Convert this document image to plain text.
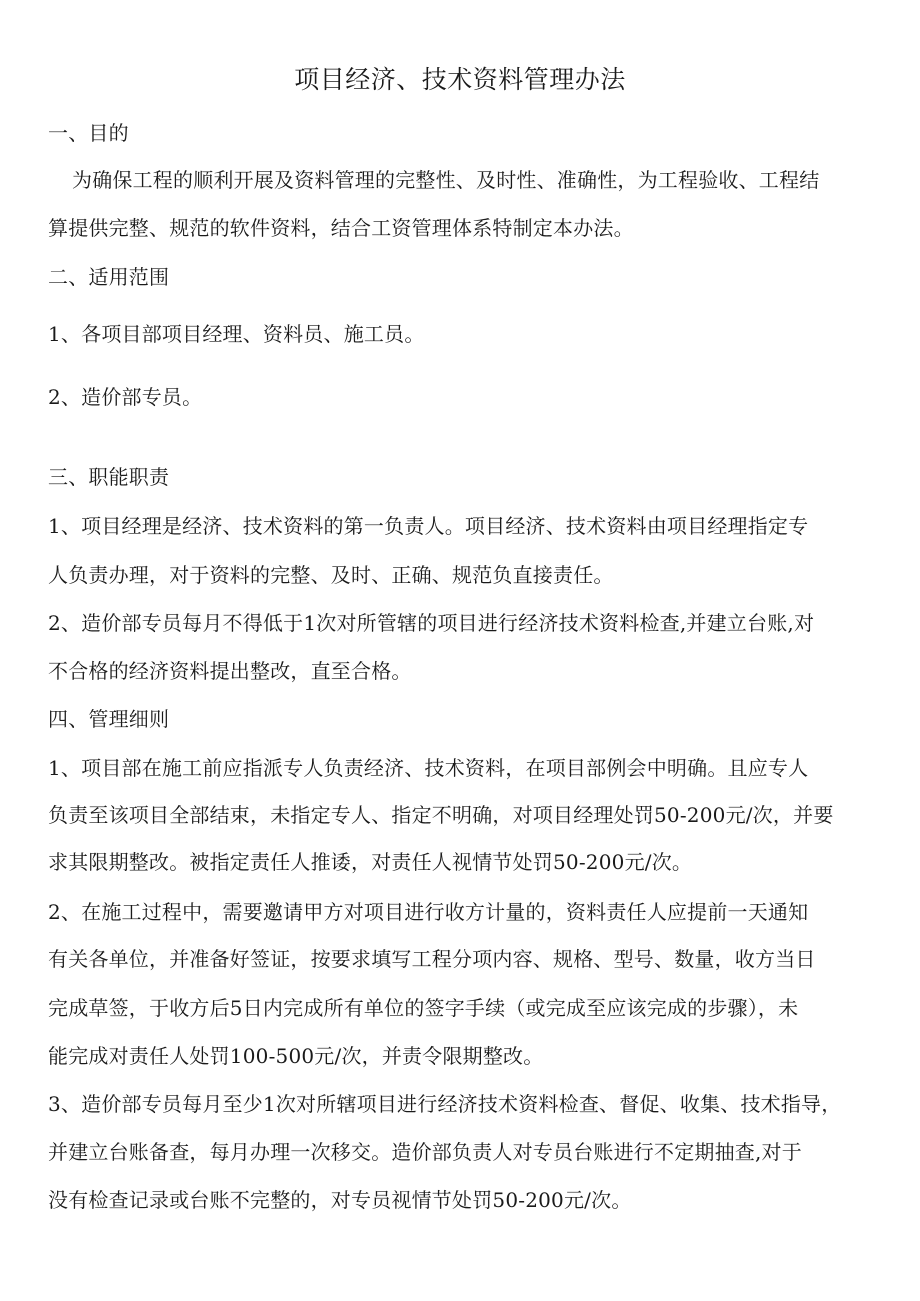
项目经济、技术资料管理办法
一、目的
为确保工程的顺利开展及资料管理的完整性、及时性、准确性，为工程验收、工程结
算提供完整、规范的软件资料，结合工资管理体系特制定本办法。
二、适用范围
1、各项目部项目经理、资料员、施工员。
2、造价部专员。
三、职能职责
1、项目经理是经济、技术资料的第一负责人。项目经济、技术资料由项目经理指定专
人负责办理，对于资料的完整、及时、正确、规范负直接责任。
2、造价部专员每月不得低于1次对所管辖的项目进行经济技术资料检查,并建立台账,对
不合格的经济资料提出整改，直至合格。
四、管理细则
1、项目部在施工前应指派专人负责经济、技术资料，在项目部例会中明确。且应专人
负责至该项目全部结束，未指定专人、指定不明确，对项目经理处罚50-200元/次，并要
求其限期整改。被指定责任人推诿，对责任人视情节处罚50-200元/次。
2、在施工过程中，需要邀请甲方对项目进行收方计量的，资料责任人应提前一天通知
有关各单位，并准备好签证，按要求填写工程分项内容、规格、型号、数量，收方当日
完成草签，于收方后5日内完成所有单位的签字手续（或完成至应该完成的步骤），未
能完成对责任人处罚100-500元/次，并责令限期整改。
3、造价部专员每月至少1次对所辖项目进行经济技术资料检查、督促、收集、技术指导，
并建立台账备查，每月办理一次移交。造价部负责人对专员台账进行不定期抽查,对于
没有检查记录或台账不完整的，对专员视情节处罚50-200元/次。
